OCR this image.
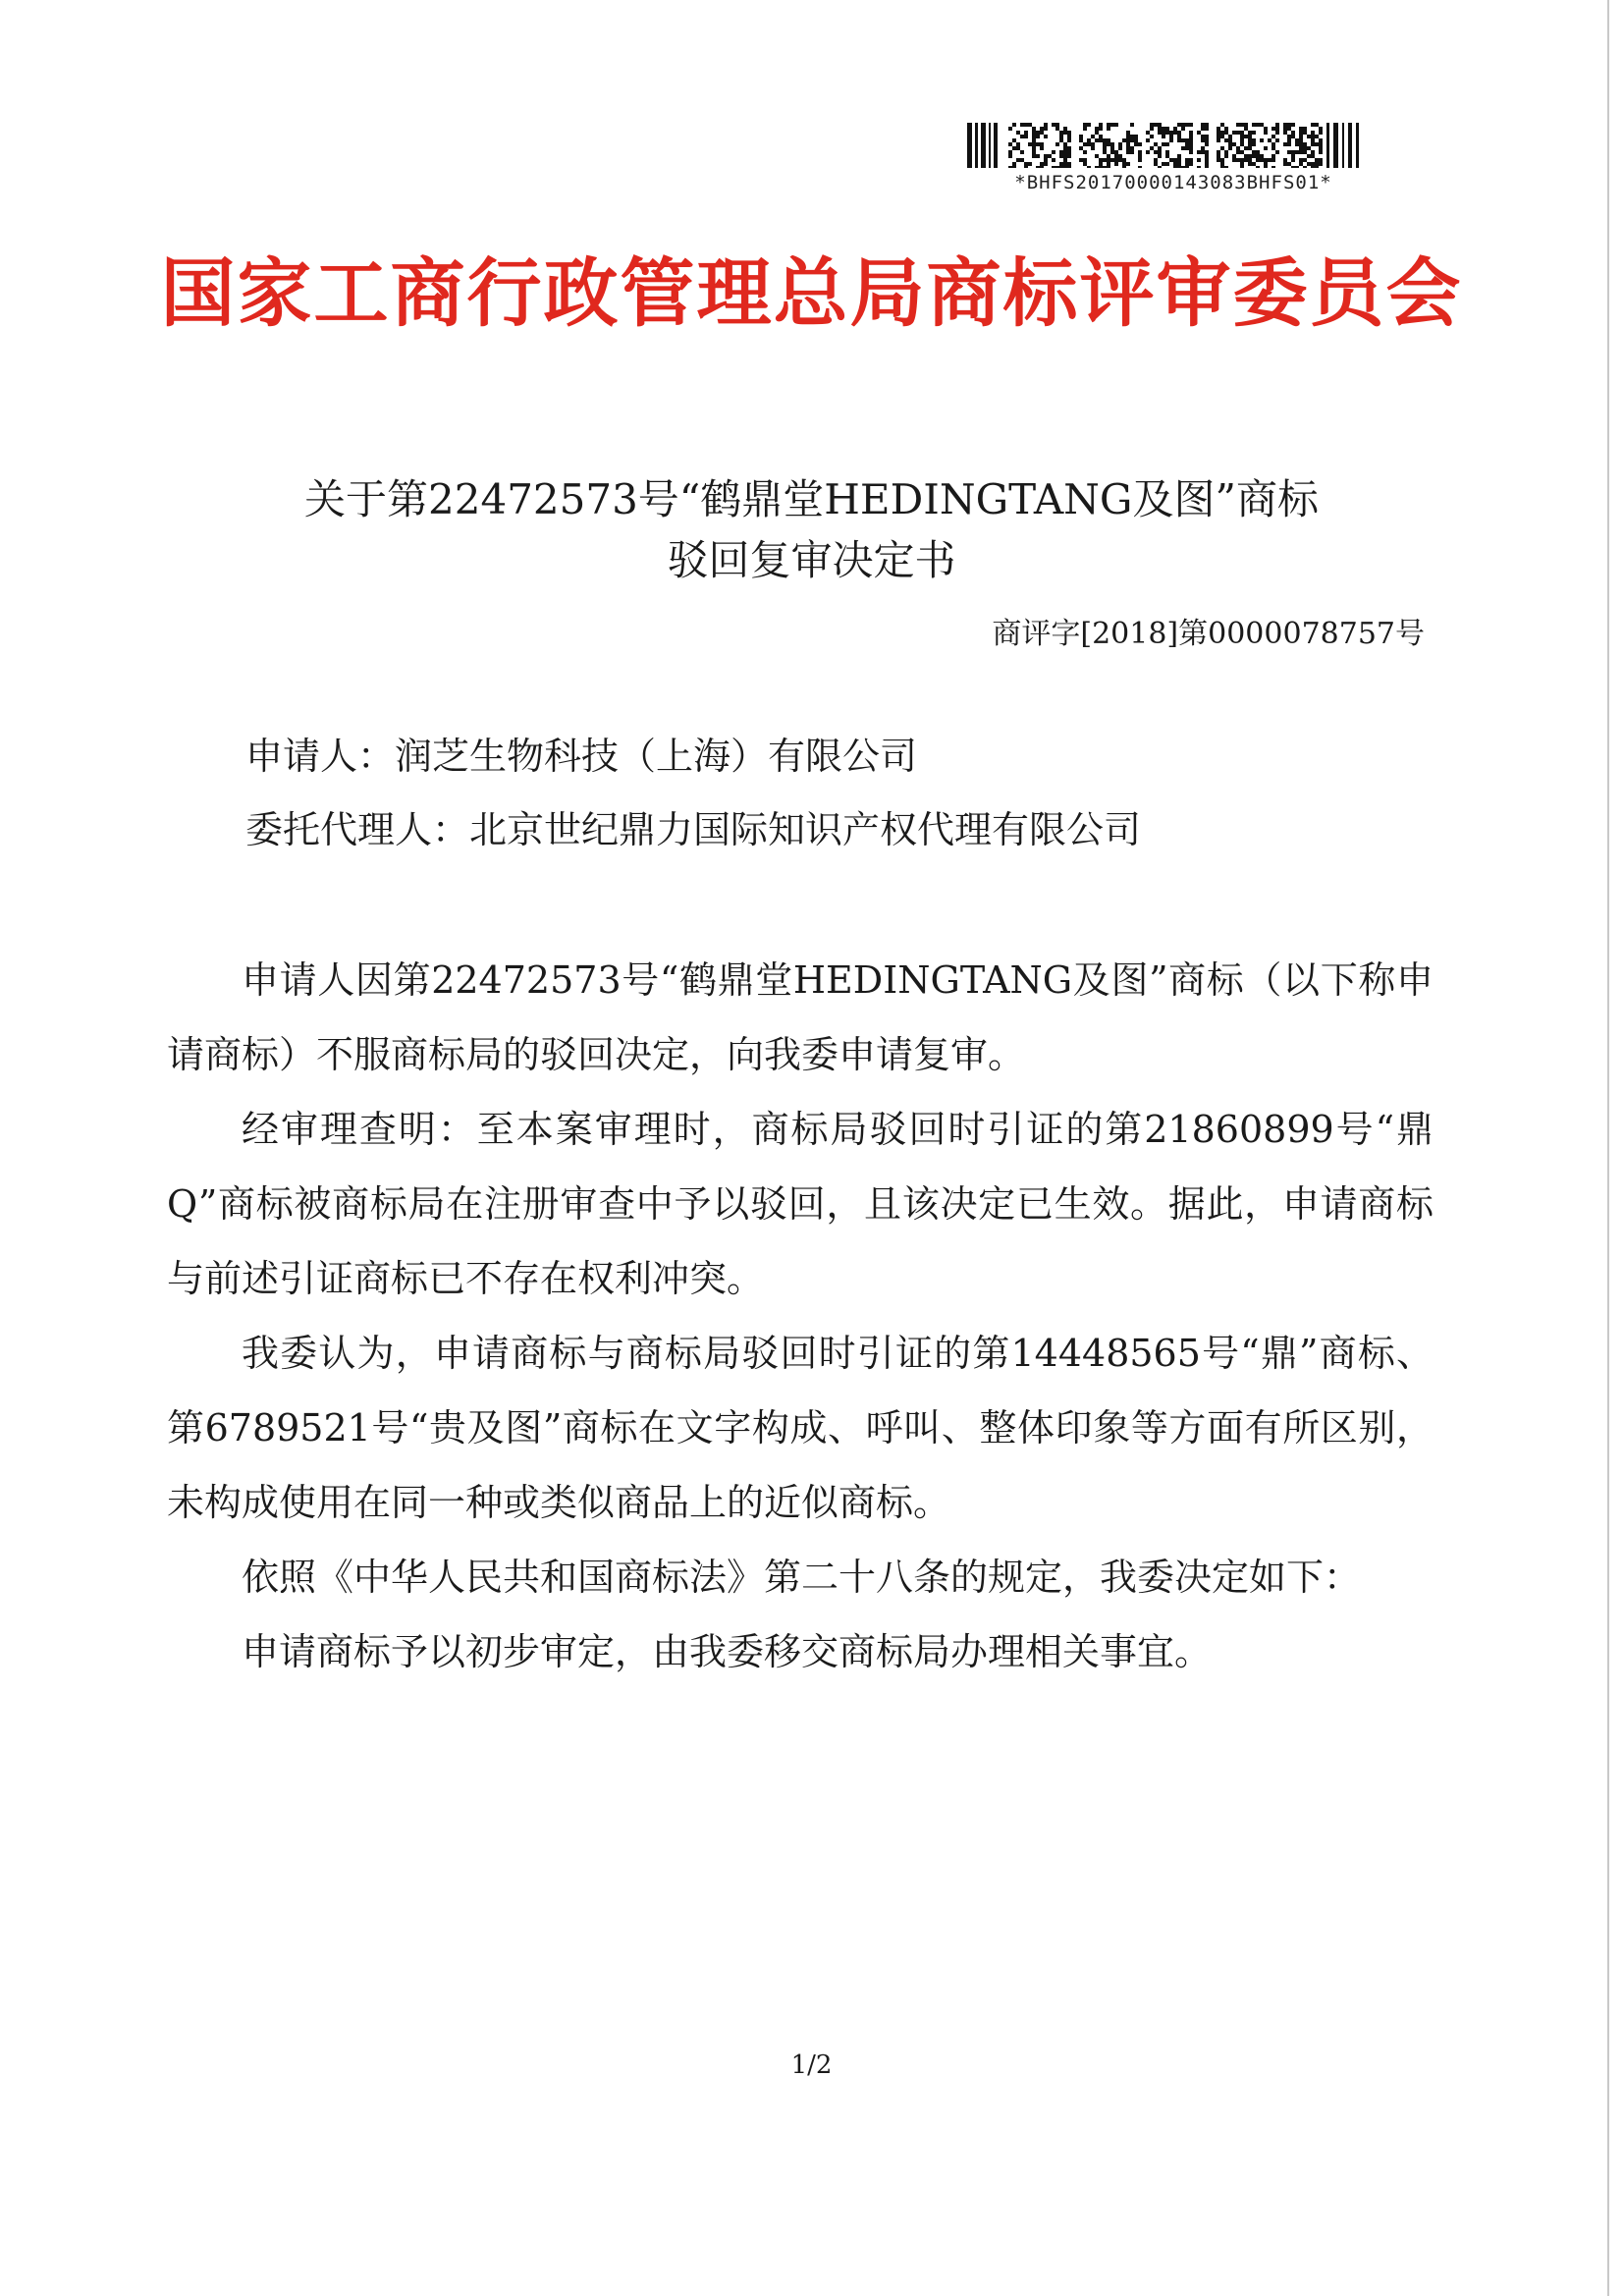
*BHFS20170000143083BHFS01*
国家工商行政管理总局商标评审委员会
关于第22472573号“鹤鼎堂HEDINGTANG及图”商标
驳回复审决定书
商评字[2018]第0000078757号
申请人：润芝生物科技（上海）有限公司
委托代理人：北京世纪鼎力国际知识产权代理有限公司

申请人因第22472573号“鹤鼎堂HEDINGTANG及图”商标（以下称申请商标）不服商标局的驳回决定，向我委申请复审。

经审理查明：至本案审理时，商标局驳回时引证的第21860899号“鼎Q”商标被商标局在注册审查中予以驳回，且该决定已生效。据此，申请商标与前述引证商标已不存在权利冲突。

我委认为，申请商标与商标局驳回时引证的第14448565号“鼎”商标、第6789521号“贵及图”商标在文字构成、呼叫、整体印象等方面有所区别，未构成使用在同一种或类似商品上的近似商标。

依照《中华人民共和国商标法》第二十八条的规定，我委决定如下：

申请商标予以初步审定，由我委移交商标局办理相关事宜。

1/2
